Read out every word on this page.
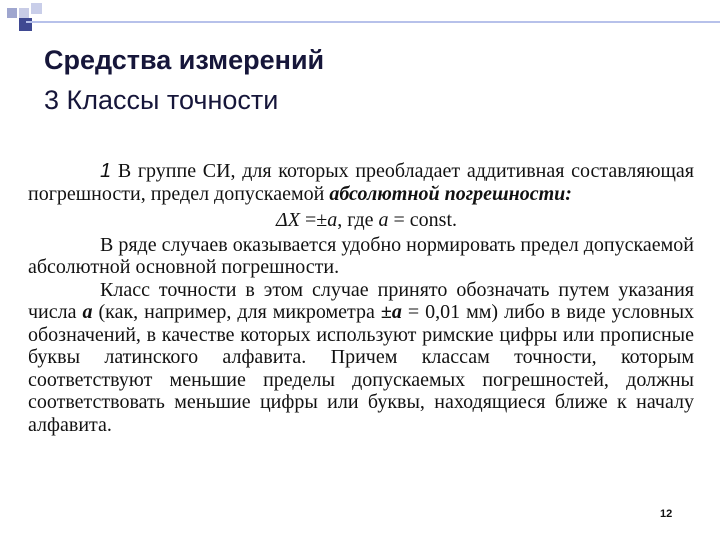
Средства измерений
3 Классы точности

1 В группе СИ, для которых преобладает аддитивная составляющая погрешности, предел допускаемой абсолютной погрешности:

ΔX =±a, где a = const.

В ряде случаев оказывается удобно нормировать предел допускаемой абсолютной основной погрешности.

Класс точности в этом случае принято обозначать путем указания числа а (как, например, для микрометра ±а = 0,01 мм) либо в виде условных обозначений, в качестве которых используют римские цифры или прописные буквы латинского алфавита. Причем классам точности, которым соответствуют меньшие пределы допускаемых погрешностей, должны соответствовать меньшие цифры или буквы, находящиеся ближе к началу алфавита.

12
